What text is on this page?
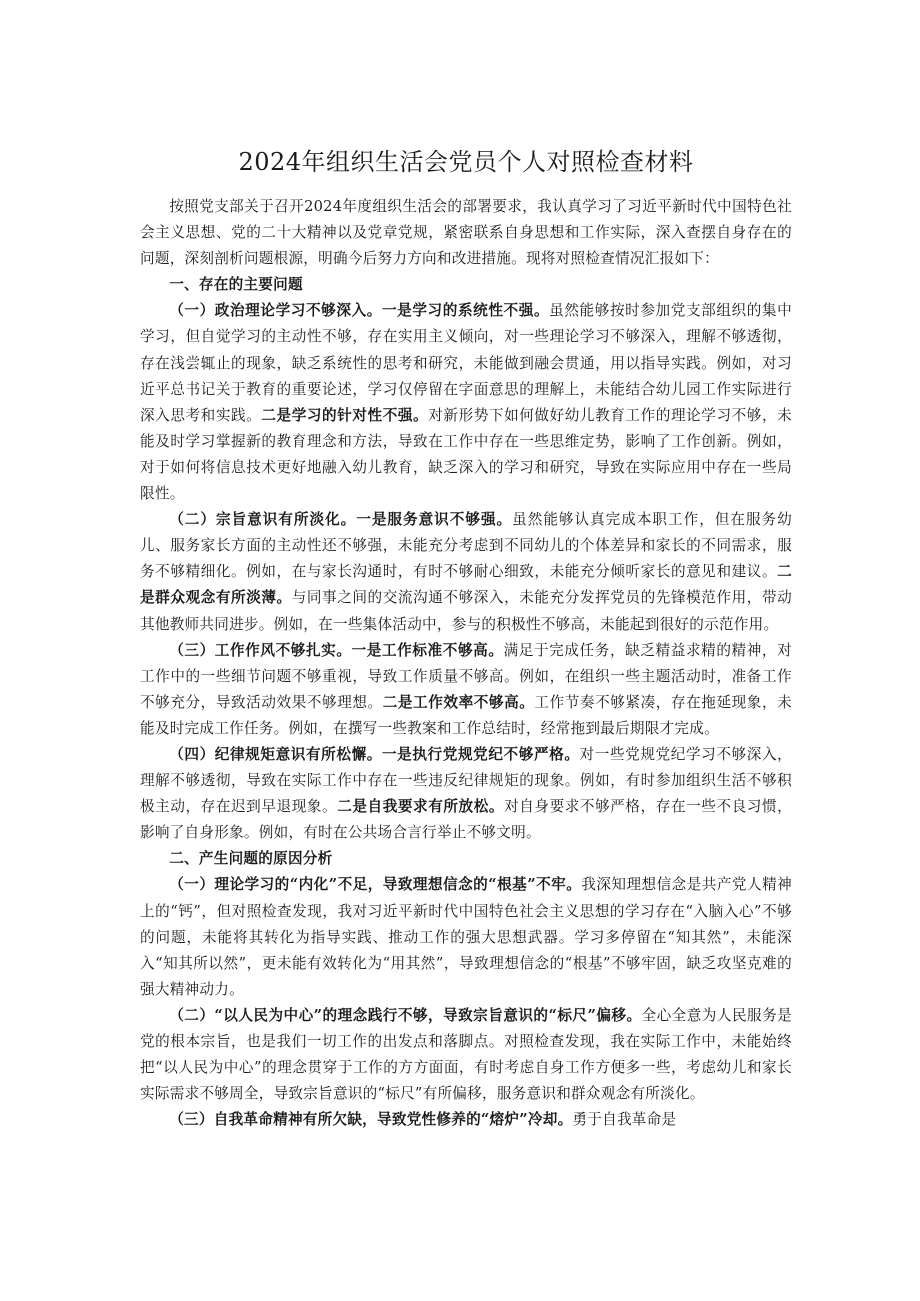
2024年组织生活会党员个人对照检查材料

按照党支部关于召开2024年度组织生活会的部署要求，我认真学习了习近平新时代中国特色社会主义思想、党的二十大精神以及党章党规，紧密联系自身思想和工作实际，深入查摆自身存在的问题，深刻剖析问题根源，明确今后努力方向和改进措施。现将对照检查情况汇报如下：

一、存在的主要问题

（一）政治理论学习不够深入。一是学习的系统性不强。虽然能够按时参加党支部组织的集中学习，但自觉学习的主动性不够，存在实用主义倾向，对一些理论学习不够深入，理解不够透彻，存在浅尝辄止的现象，缺乏系统性的思考和研究，未能做到融会贯通，用以指导实践。例如，对习近平总书记关于教育的重要论述，学习仅停留在字面意思的理解上，未能结合幼儿园工作实际进行深入思考和实践。二是学习的针对性不强。对新形势下如何做好幼儿教育工作的理论学习不够，未能及时学习掌握新的教育理念和方法，导致在工作中存在一些思维定势，影响了工作创新。例如，对于如何将信息技术更好地融入幼儿教育，缺乏深入的学习和研究，导致在实际应用中存在一些局限性。

（二）宗旨意识有所淡化。一是服务意识不够强。虽然能够认真完成本职工作，但在服务幼儿、服务家长方面的主动性还不够强，未能充分考虑到不同幼儿的个体差异和家长的不同需求，服务不够精细化。例如，在与家长沟通时，有时不够耐心细致，未能充分倾听家长的意见和建议。二是群众观念有所淡薄。与同事之间的交流沟通不够深入，未能充分发挥党员的先锋模范作用，带动其他教师共同进步。例如，在一些集体活动中，参与的积极性不够高，未能起到很好的示范作用。

（三）工作作风不够扎实。一是工作标准不够高。满足于完成任务，缺乏精益求精的精神，对工作中的一些细节问题不够重视，导致工作质量不够高。例如，在组织一些主题活动时，准备工作不够充分，导致活动效果不够理想。二是工作效率不够高。工作节奏不够紧凑，存在拖延现象，未能及时完成工作任务。例如，在撰写一些教案和工作总结时，经常拖到最后期限才完成。

（四）纪律规矩意识有所松懈。一是执行党规党纪不够严格。对一些党规党纪学习不够深入，理解不够透彻，导致在实际工作中存在一些违反纪律规矩的现象。例如，有时参加组织生活不够积极主动，存在迟到早退现象。二是自我要求有所放松。对自身要求不够严格，存在一些不良习惯，影响了自身形象。例如，有时在公共场合言行举止不够文明。

二、产生问题的原因分析

（一）理论学习的“内化”不足，导致理想信念的“根基”不牢。我深知理想信念是共产党人精神上的“钙”，但对照检查发现，我对习近平新时代中国特色社会主义思想的学习存在“入脑入心”不够的问题，未能将其转化为指导实践、推动工作的强大思想武器。学习多停留在“知其然”，未能深入“知其所以然”，更未能有效转化为“用其然”，导致理想信念的“根基”不够牢固，缺乏攻坚克难的强大精神动力。

（二）“以人民为中心”的理念践行不够，导致宗旨意识的“标尺”偏移。全心全意为人民服务是党的根本宗旨，也是我们一切工作的出发点和落脚点。对照检查发现，我在实际工作中，未能始终把“以人民为中心”的理念贯穿于工作的方方面面，有时考虑自身工作方便多一些，考虑幼儿和家长实际需求不够周全，导致宗旨意识的“标尺”有所偏移，服务意识和群众观念有所淡化。

（三）自我革命精神有所欠缺，导致党性修养的“熔炉”冷却。勇于自我革命是
